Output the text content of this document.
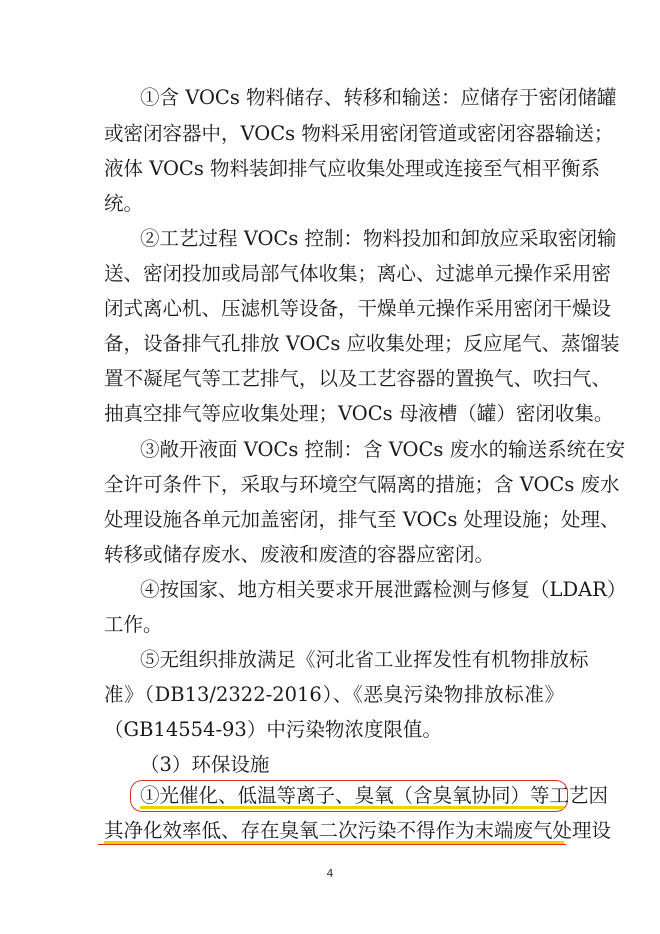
①含 VOCs 物料储存、转移和输送：应储存于密闭储罐
或密闭容器中，VOCs 物料采用密闭管道或密闭容器输送；
液体 VOCs 物料装卸排气应收集处理或连接至气相平衡系
统。
②工艺过程 VOCs 控制：物料投加和卸放应采取密闭输
送、密闭投加或局部气体收集；离心、过滤单元操作采用密
闭式离心机、压滤机等设备，干燥单元操作采用密闭干燥设
备，设备排气孔排放 VOCs 应收集处理；反应尾气、蒸馏装
置不凝尾气等工艺排气，以及工艺容器的置换气、吹扫气、
抽真空排气等应收集处理；VOCs 母液槽（罐）密闭收集。
③敞开液面 VOCs 控制：含 VOCs 废水的输送系统在安
全许可条件下，采取与环境空气隔离的措施；含 VOCs 废水
处理设施各单元加盖密闭，排气至 VOCs 处理设施；处理、
转移或储存废水、废液和废渣的容器应密闭。
④按国家、地方相关要求开展泄露检测与修复（LDAR）
工作。
⑤无组织排放满足《河北省工业挥发性有机物排放标
准》（DB13/2322-2016）、《恶臭污染物排放标准》
（GB14554-93）中污染物浓度限值。
（3）环保设施
①光催化、低温等离子、臭氧（含臭氧协同）等工艺因
其净化效率低、存在臭氧二次污染不得作为末端废气处理设
4
